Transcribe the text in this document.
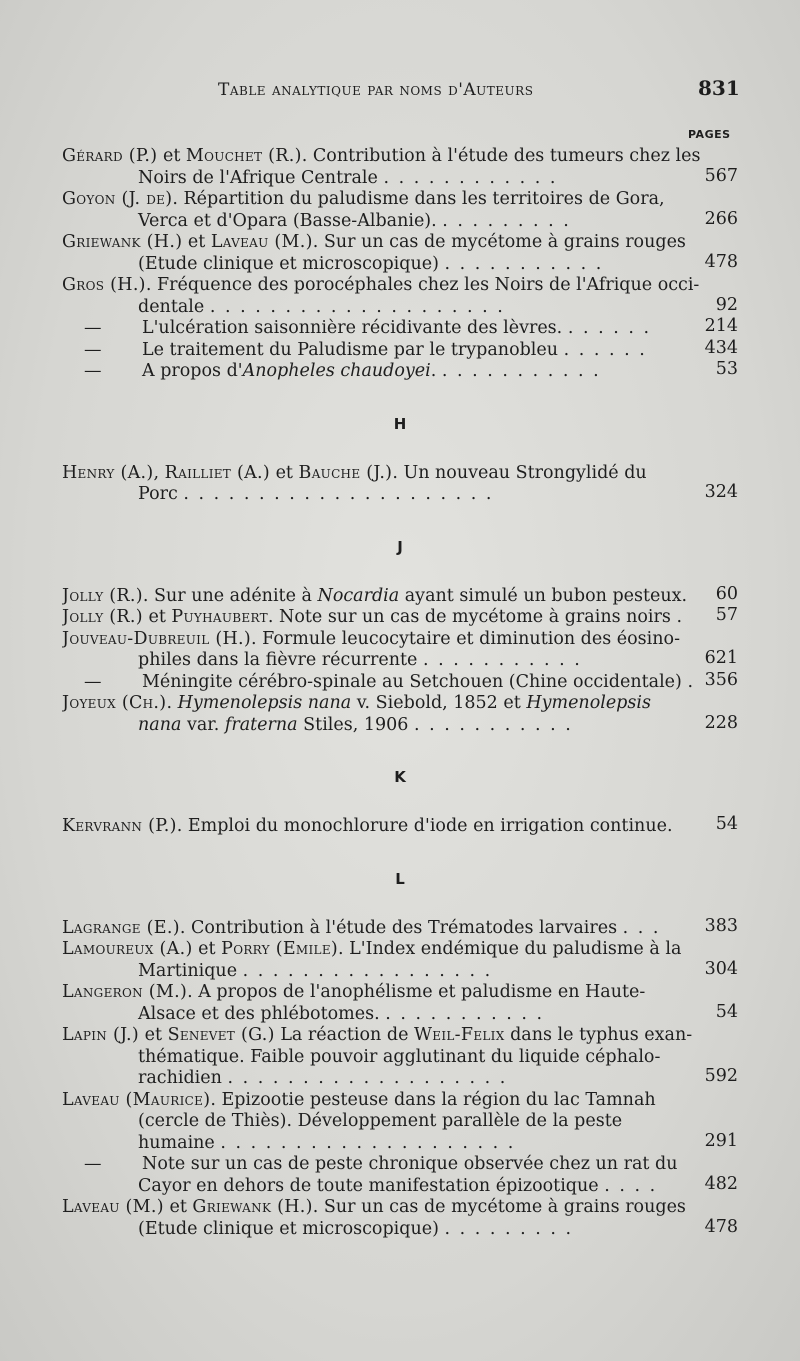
Table analytique par noms d'Auteurs	831
PAGES
Gérard (P.) et Mouchet (R.). Contribution à l'étude des tumeurs chez les
Noirs de l'Afrique Centrale . . . . . . . . . . . .	567
Goyon (J. de). Répartition du paludisme dans les territoires de Gora,
Verca et d'Opara (Basse-Albanie). . . . . . . . . .	266
Griewank (H.) et Laveau (M.). Sur un cas de mycétome à grains rouges
(Etude clinique et microscopique) . . . . . . . . . . .	478
Gros (H.). Fréquence des porocéphales chez les Noirs de l'Afrique occi-
dentale . . . . . . . . . . . . . . . . . . . .	92
— L'ulcération saisonnière récidivante des lèvres. . . . . . .	214
— Le traitement du Paludisme par le trypanobleu . . . . . .	434
— A propos d'Anopheles chaudoyei. . . . . . . . . . . .	53
H
Henry (A.), Railliet (A.) et Bauche (J.). Un nouveau Strongylidé du
Porc . . . . . . . . . . . . . . . . . . . . .	324
J
Jolly (R.). Sur une adénite à Nocardia ayant simulé un bubon pesteux.	60
Jolly (R.) et Puyhaubert. Note sur un cas de mycétome à grains noirs .	57
Jouveau-Dubreuil (H.). Formule leucocytaire et diminution des éosino-
philes dans la fièvre récurrente . . . . . . . . . . .	621
— Méningite cérébro-spinale au Setchouen (Chine occidentale) . 356
Joyeux (Ch.). Hymenolepsis nana v. Siebold, 1852 et Hymenolepsis
nana var. fraterna Stiles, 1906 . . . . . . . . . . .	228
K
Kervrann (P.). Emploi du monochlorure d'iode en irrigation continue.	54
L
Lagrange (E.). Contribution à l'étude des Trématodes larvaires . . .	383
Lamoureux (A.) et Porry (Emile). L'Index endémique du paludisme à la
Martinique . . . . . . . . . . . . . . . . .	304
Langeron (M.). A propos de l'anophélisme et paludisme en Haute-
Alsace et des phlébotomes. . . . . . . . . . . .	54
Lapin (J.) et Senevet (G.) La réaction de Weil-Felix dans le typhus exan-
thématique. Faible pouvoir agglutinant du liquide céphalo-
rachidien . . . . . . . . . . . . . . . . . . .	592
Laveau (Maurice). Epizootie pesteuse dans la région du lac Tamnah
(cercle de Thiès). Développement parallèle de la peste
humaine . . . . . . . . . . . . . . . . . . . .	291
— Note sur un cas de peste chronique observée chez un rat du
Cayor en dehors de toute manifestation épizootique . . . .	482
Laveau (M.) et Griewank (H.). Sur un cas de mycétome à grains rouges
(Etude clinique et microscopique) . . . . . . . . .	478
